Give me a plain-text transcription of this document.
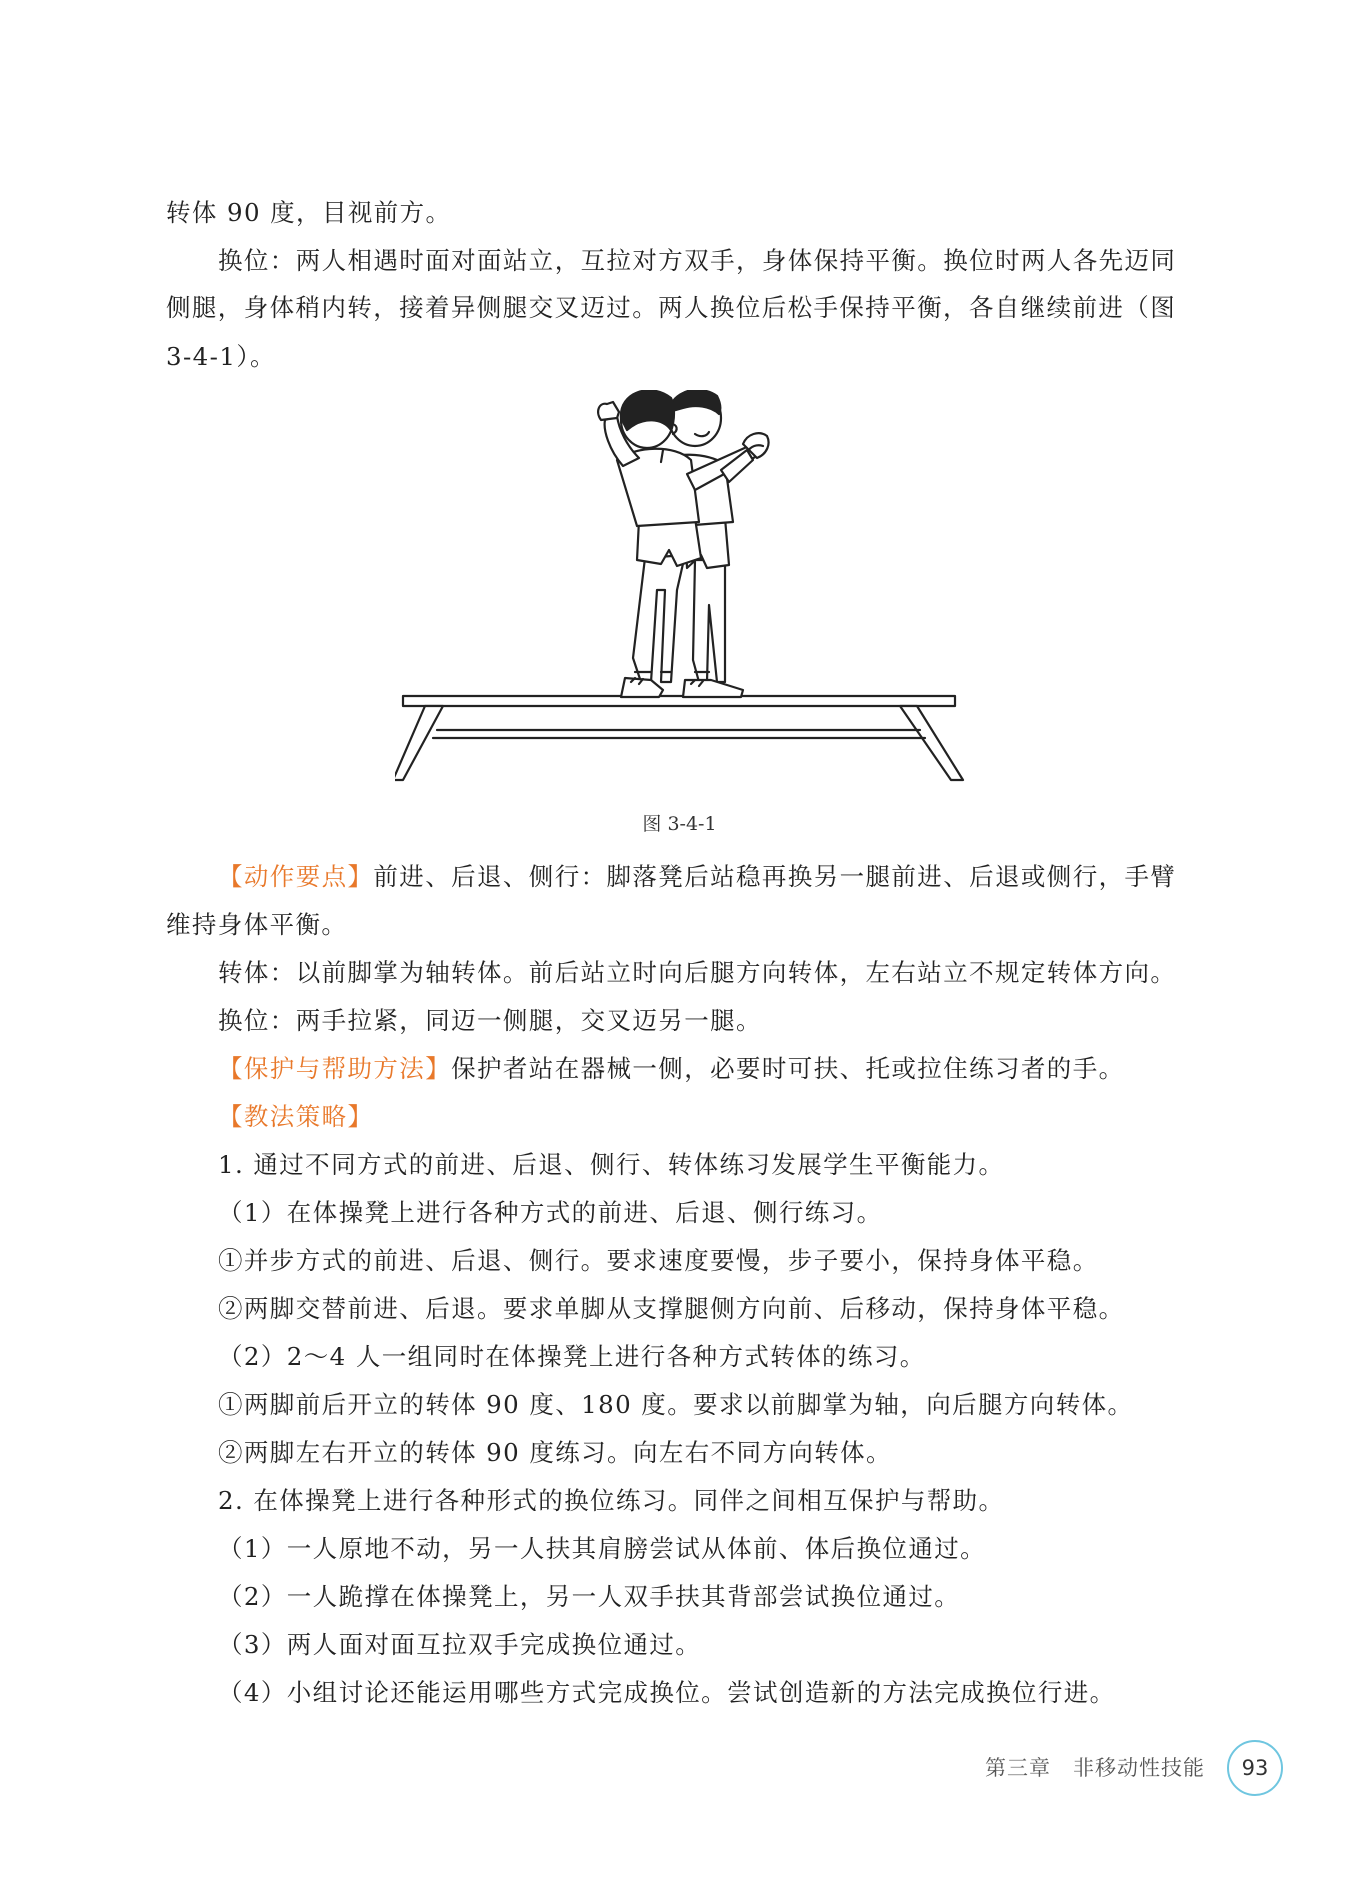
转体 90 度，目视前方。
换位：两人相遇时面对面站立，互拉对方双手，身体保持平衡。换位时两人各先迈同
侧腿，身体稍内转，接着异侧腿交叉迈过。两人换位后松手保持平衡，各自继续前进（图
3-4-1）。
图 3-4-1
【动作要点】前进、后退、侧行：脚落凳后站稳再换另一腿前进、后退或侧行，手臂
维持身体平衡。
转体：以前脚掌为轴转体。前后站立时向后腿方向转体，左右站立不规定转体方向。
换位：两手拉紧，同迈一侧腿，交叉迈另一腿。
【保护与帮助方法】保护者站在器械一侧，必要时可扶、托或拉住练习者的手。
【教法策略】
1. 通过不同方式的前进、后退、侧行、转体练习发展学生平衡能力。
（1）在体操凳上进行各种方式的前进、后退、侧行练习。
①并步方式的前进、后退、侧行。要求速度要慢，步子要小，保持身体平稳。
②两脚交替前进、后退。要求单脚从支撑腿侧方向前、后移动，保持身体平稳。
（2）2～4 人一组同时在体操凳上进行各种方式转体的练习。
①两脚前后开立的转体 90 度、180 度。要求以前脚掌为轴，向后腿方向转体。
②两脚左右开立的转体 90 度练习。向左右不同方向转体。
2. 在体操凳上进行各种形式的换位练习。同伴之间相互保护与帮助。
（1）一人原地不动，另一人扶其肩膀尝试从体前、体后换位通过。
（2）一人跪撑在体操凳上，另一人双手扶其背部尝试换位通过。
（3）两人面对面互拉双手完成换位通过。
（4）小组讨论还能运用哪些方式完成换位。尝试创造新的方法完成换位行进。
第三章　非移动性技能	93
